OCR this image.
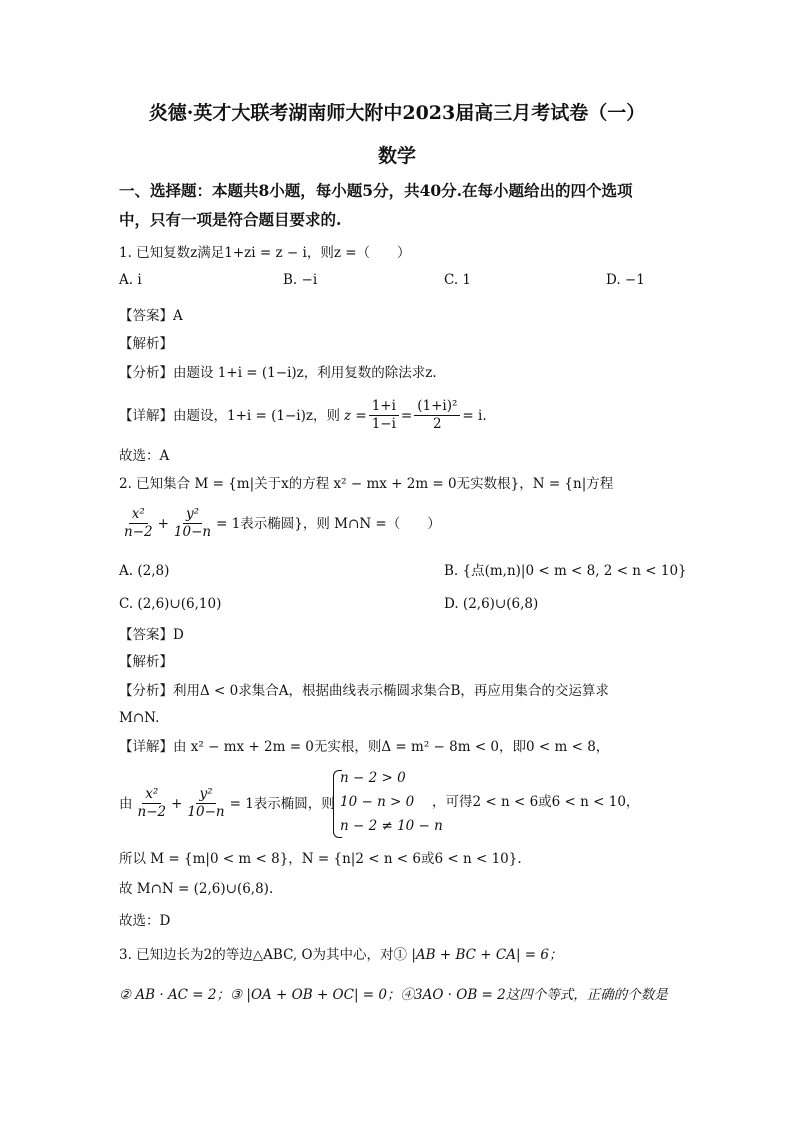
炎德·英才大联考湖南师大附中2023届高三月考试卷（一）
数学
一、选择题：本题共8小题，每小题5分，共40分.在每小题给出的四个选项
中，只有一项是符合题目要求的.
1. 已知复数z满足1+zi = z − i，则z =（　　）
A. i	B. −i	C. 1	D. −1
【答案】A
【解析】
【分析】由题设 1+i = (1−i)z，利用复数的除法求z.
【详解】由题设，1+i = (1−i)z，则 $z = \frac{1+i}{1-i} = \frac{\text{(1+i)²}}{2} = i$.
故选：A
2. 已知集合 M = {m|关于x的方程 x² − mx + 2m = 0无实数根}，N = {n|方程
$\frac{\text{x²}}{n-2} + \frac{\text{y²}}{10-n} = 1$表示椭圆}，则 M∩N =（　　）
A. (2,8)	B. {点(m,n)|0 < m < 8, 2 < n < 10}
C. (2,6)∪(6,10)	D. (2,6)∪(6,8)
【答案】D
【解析】
【分析】利用Δ < 0求集合A，根据曲线表示椭圆求集合B，再应用集合的交运算求
M∩N.
【详解】由 x² − mx + 2m = 0无实根，则Δ = m² − 8m < 0，即0 < m < 8，
由 $\frac{\text{x²}}{n-2} + \frac{\text{y²}}{10-n} = 1$表示椭圆，则
n − 2 > 0
10 − n > 0
n − 2 ≠ 10 − n
，可得2 < n < 6或6 < n < 10，
所以 M = {m|0 < m < 8}，N = {n|2 < n < 6或6 < n < 10}.
故 M∩N = (2,6)∪(6,8).
故选：D
3. 已知边长为2的等边△ABC, O为其中心，对① |AB + BC + CA| = 6；
② AB · AC = 2；③ |OA + OB + OC| = 0；④3AO · OB = 2这四个等式，正确的个数是
